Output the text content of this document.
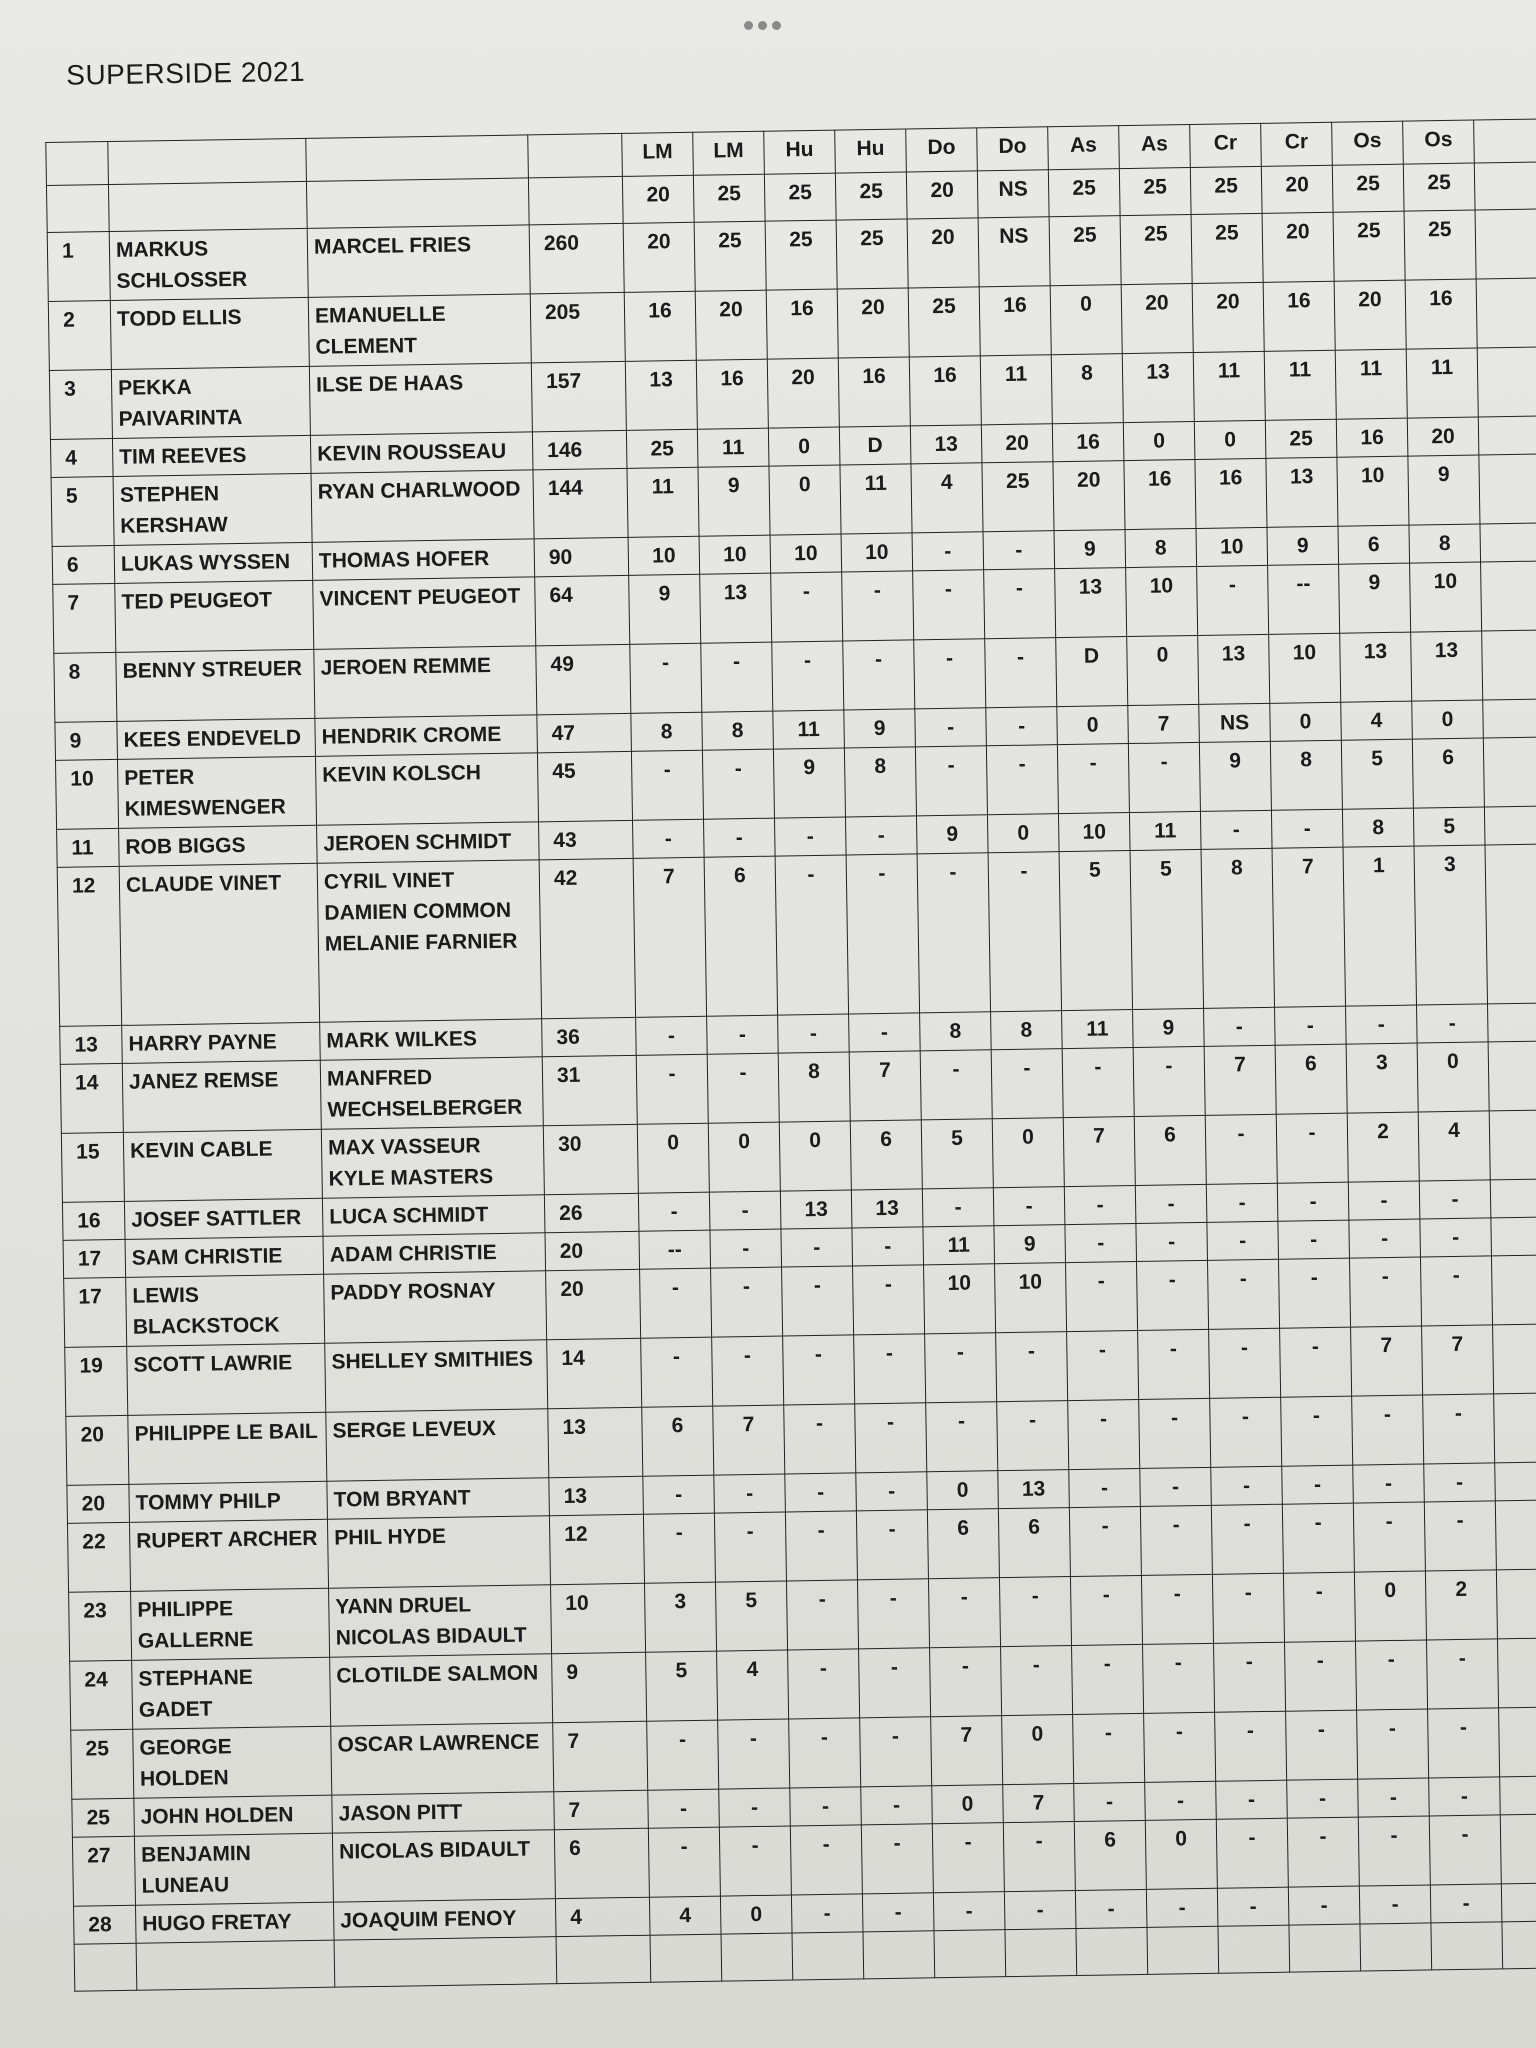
SUPERSIDE 2021
				LM	LM	Hu	Hu	Do	Do	As	As	Cr	Cr	Os	Os	
				20	25	25	25	20	NS	25	25	25	20	25	25	
1	MARKUS SCHLOSSER	MARCEL FRIES	260	20	25	25	25	20	NS	25	25	25	20	25	25	
2	TODD ELLIS	EMANUELLE CLEMENT	205	16	20	16	20	25	16	0	20	20	16	20	16	
3	PEKKA PAIVARINTA	ILSE DE HAAS	157	13	16	20	16	16	11	8	13	11	11	11	11	
4	TIM REEVES	KEVIN ROUSSEAU	146	25	11	0	D	13	20	16	0	0	25	16	20	
5	STEPHEN KERSHAW	RYAN CHARLWOOD	144	11	9	0	11	4	25	20	16	16	13	10	9	
6	LUKAS WYSSEN	THOMAS HOFER	90	10	10	10	10	-	-	9	8	10	9	6	8	
7	TED PEUGEOT	VINCENT PEUGEOT	64	9	13	-	-	-	-	13	10	-	--	9	10	
8	BENNY STREUER	JEROEN REMME	49	-	-	-	-	-	-	D	0	13	10	13	13	
9	KEES ENDEVELD	HENDRIK CROME	47	8	8	11	9	-	-	0	7	NS	0	4	0	
10	PETER KIMESWENGER	KEVIN KOLSCH	45	-	-	9	8	-	-	-	-	9	8	5	6	
11	ROB BIGGS	JEROEN SCHMIDT	43	-	-	-	-	9	0	10	11	-	-	8	5	
12	CLAUDE VINET	CYRIL VINET DAMIEN COMMON MELANIE FARNIER	42	7	6	-	-	-	-	5	5	8	7	1	3	
13	HARRY PAYNE	MARK WILKES	36	-	-	-	-	8	8	11	9	-	-	-	-	
14	JANEZ REMSE	MANFRED WECHSELBERGER	31	-	-	8	7	-	-	-	-	7	6	3	0	
15	KEVIN CABLE	MAX VASSEUR KYLE MASTERS	30	0	0	0	6	5	0	7	6	-	-	2	4	
16	JOSEF SATTLER	LUCA SCHMIDT	26	-	-	13	13	-	-	-	-	-	-	-	-	
17	SAM CHRISTIE	ADAM CHRISTIE	20	--	-	-	-	11	9	-	-	-	-	-	-	
17	LEWIS BLACKSTOCK	PADDY ROSNAY	20	-	-	-	-	10	10	-	-	-	-	-	-	
19	SCOTT LAWRIE	SHELLEY SMITHIES	14	-	-	-	-	-	-	-	-	-	-	7	7	
20	PHILIPPE LE BAIL	SERGE LEVEUX	13	6	7	-	-	-	-	-	-	-	-	-	-	
20	TOMMY PHILP	TOM BRYANT	13	-	-	-	-	0	13	-	-	-	-	-	-	
22	RUPERT ARCHER	PHIL HYDE	12	-	-	-	-	6	6	-	-	-	-	-	-	
23	PHILIPPE GALLERNE	YANN DRUEL NICOLAS BIDAULT	10	3	5	-	-	-	-	-	-	-	-	0	2	
24	STEPHANE GADET	CLOTILDE SALMON	9	5	4	-	-	-	-	-	-	-	-	-	-	
25	GEORGE HOLDEN	OSCAR LAWRENCE	7	-	-	-	-	7	0	-	-	-	-	-	-	
25	JOHN HOLDEN	JASON PITT	7	-	-	-	-	0	7	-	-	-	-	-	-	
27	BENJAMIN LUNEAU	NICOLAS BIDAULT	6	-	-	-	-	-	-	6	0	-	-	-	-	
28	HUGO FRETAY	JOAQUIM FENOY	4	4	0	-	-	-	-	-	-	-	-	-	-	
